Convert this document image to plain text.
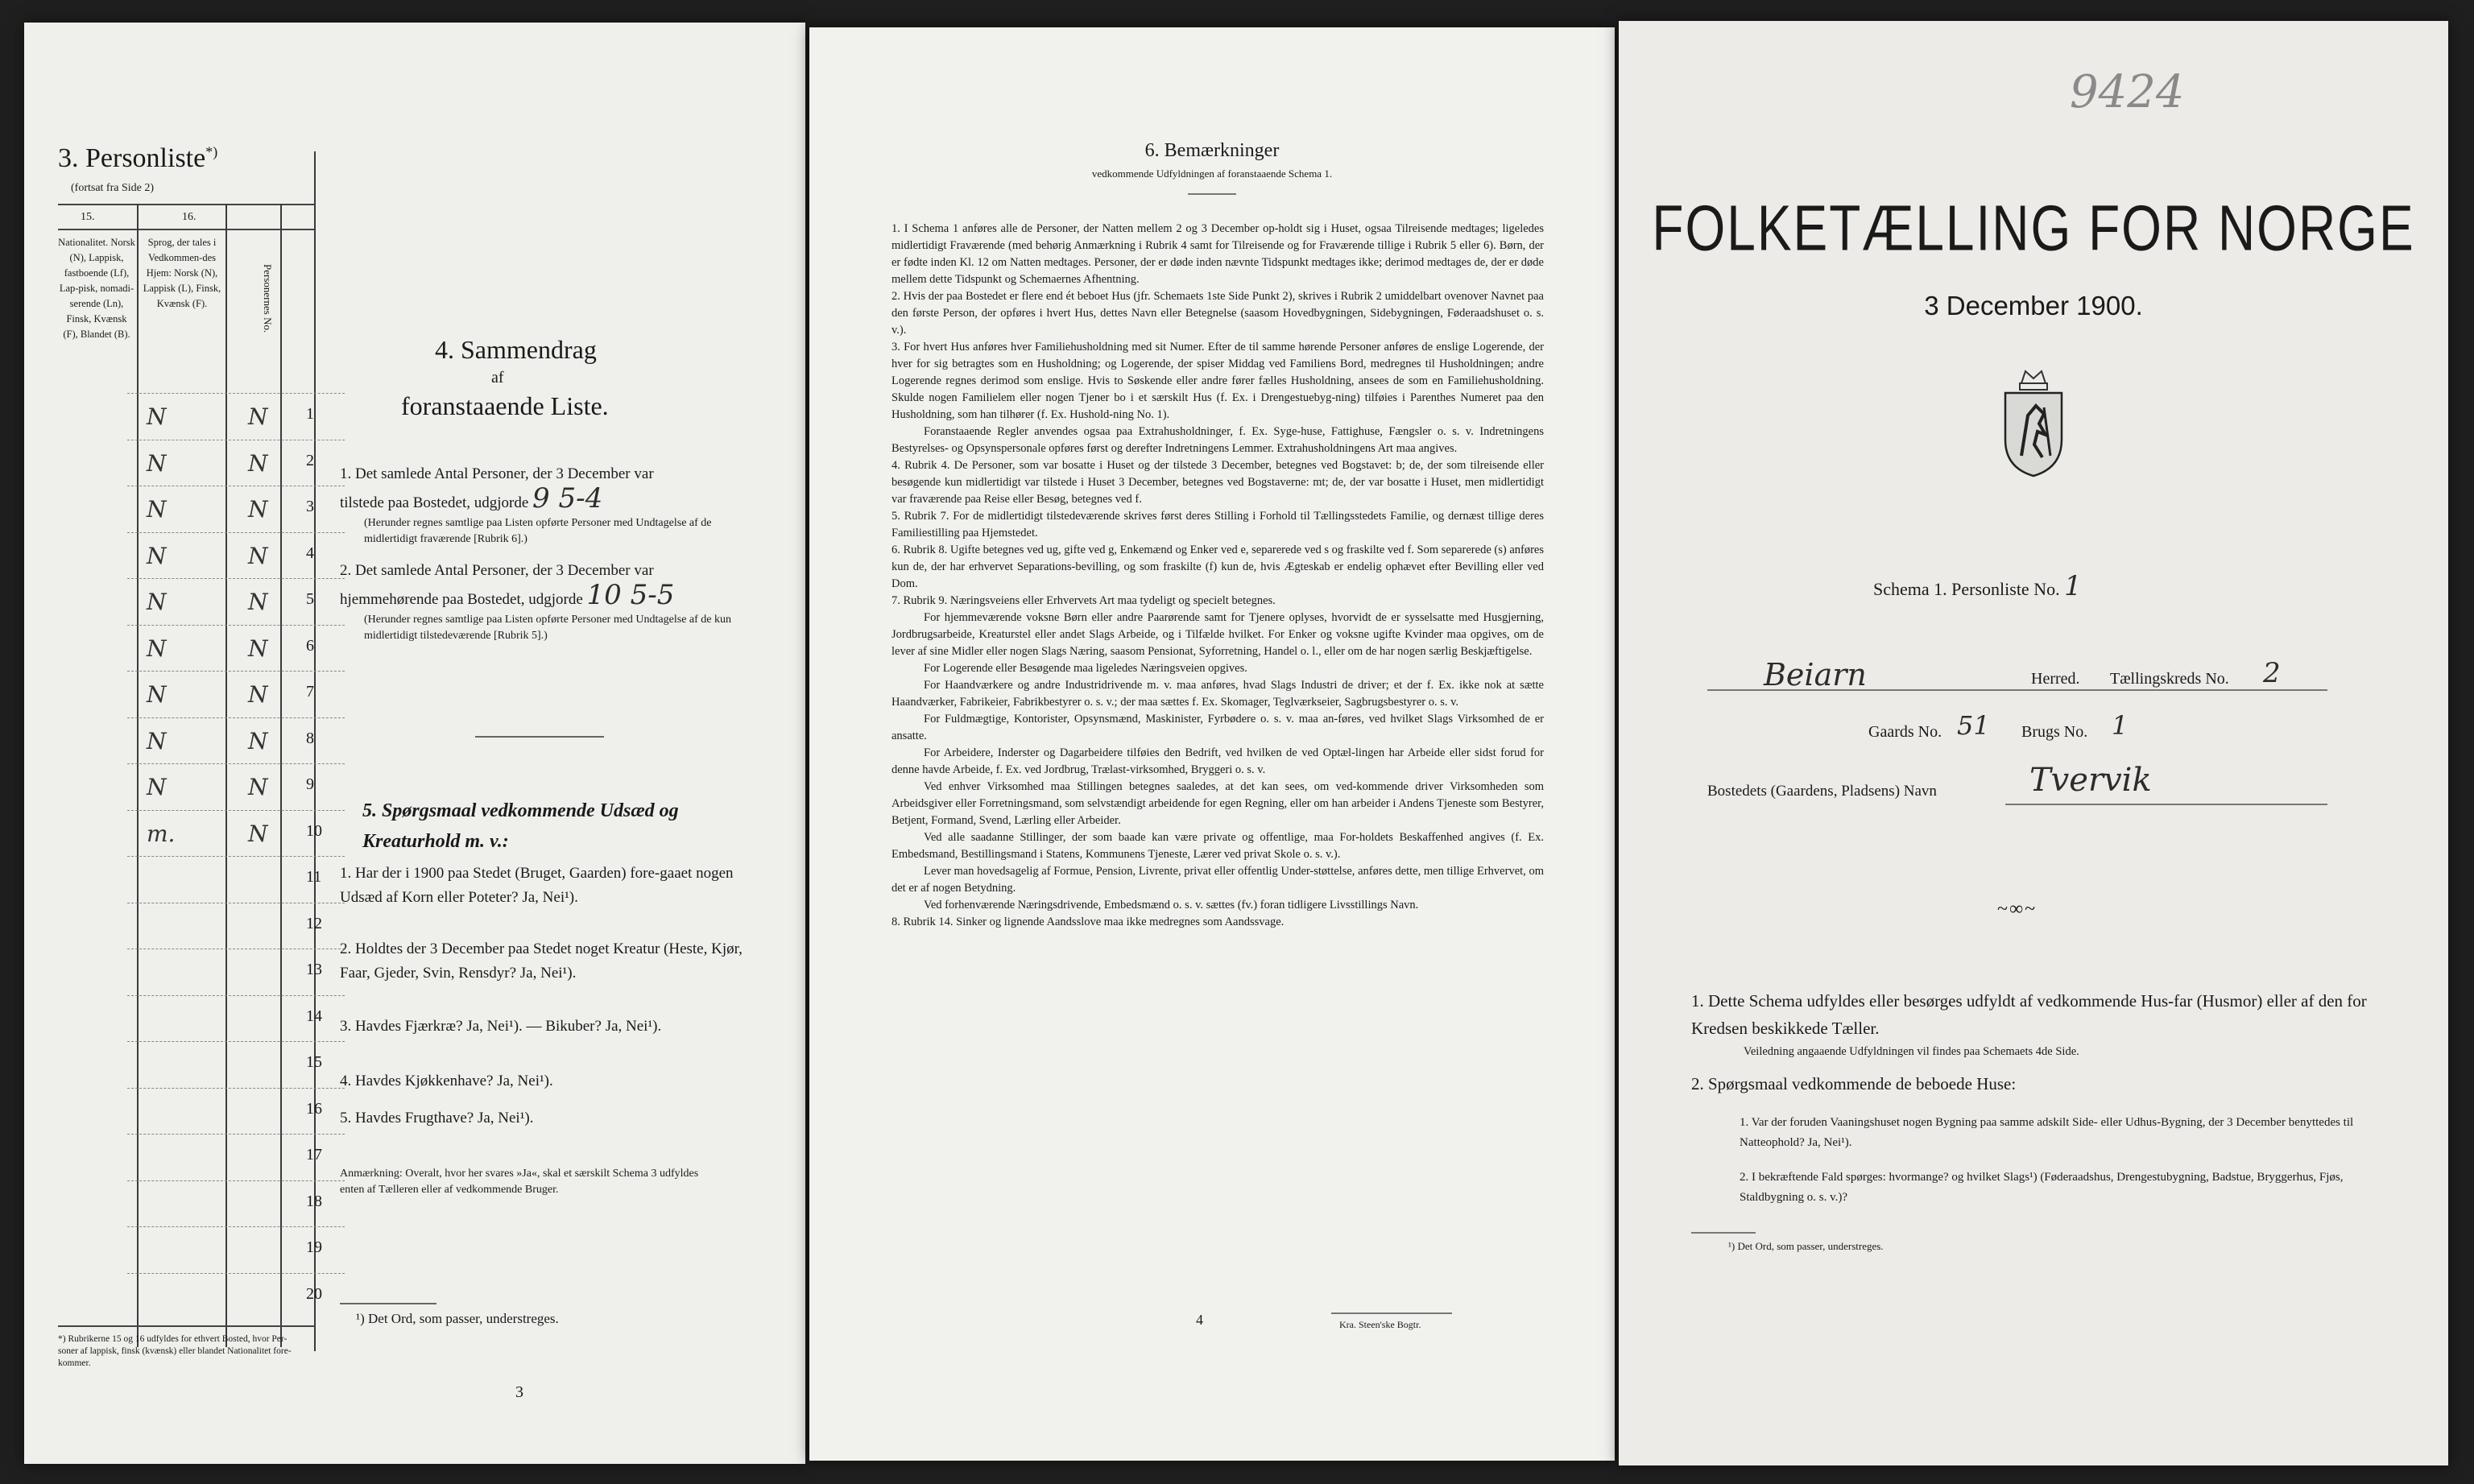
3. Personliste*)
(fortsat fra Side 2)
15.	16.
Nationalitet. Norsk (N), Lappisk, fastboende (Lf), Lap-pisk, nomadi-serende (Ln), Finsk, Kvænsk (F), Blandet (B).
Sprog, der tales i Vedkommen-des Hjem: Norsk (N), Lappisk (L), Finsk, Kvænsk (F).	Personernes No.
N	N 1
N	N 2
N	N 3
N	N 4
N	N 5
N	N 6
N	N 7
N	N 8
N	N 9
m.	N 10
11
12
13
14
15
16
17
18
19
20
*) Rubrikerne 15 og 16 udfyldes for ethvert Bosted, hvor Per-soner af lappisk, finsk (kvænsk) eller blandet Nationalitet fore-kommer.
4. Sammendrag
af
foranstaaende Liste.
1. Det samlede Antal Personer, der 3 December var
tilstede paa Bostedet, udgjorde 9 5-4
(Herunder regnes samtlige paa Listen opførte Personer med Undtagelse af de midlertidigt fraværende [Rubrik 6].)
2. Det samlede Antal Personer, der 3 December var
hjemmehørende paa Bostedet, udgjorde 10 5-5
(Herunder regnes samtlige paa Listen opførte Personer med Undtagelse af de kun midlertidigt tilstedeværende [Rubrik 5].)
5. Spørgsmaal vedkommende Udsæd og Kreaturhold m. v.:
1. Har der i 1900 paa Stedet (Bruget, Gaarden) fore-gaaet nogen Udsæd af Korn eller Poteter? Ja, Nei¹).
2. Holdtes der 3 December paa Stedet noget Kreatur (Heste, Kjør, Faar, Gjeder, Svin, Rensdyr? Ja, Nei¹).
3. Havdes Fjærkræ? Ja, Nei¹). — Bikuber? Ja, Nei¹).
4. Havdes Kjøkkenhave? Ja, Nei¹).
5. Havdes Frugthave? Ja, Nei¹).
Anmærkning: Overalt, hvor her svares »Ja«, skal et særskilt Schema 3 udfyldes enten af Tælleren eller af vedkommende Bruger.
¹) Det Ord, som passer, understreges.
3
6. Bemærkninger
vedkommende Udfyldningen af foranstaaende Schema 1.

1. I Schema 1 anføres alle de Personer, der Natten mellem 2 og 3 December op-holdt sig i Huset, ogsaa Tilreisende medtages; ligeledes midlertidigt Fraværende (med behørig Anmærkning i Rubrik 4 samt for Tilreisende og for Fraværende tillige i Rubrik 5 eller 6). Børn, der er fødte inden Kl. 12 om Natten medtages. Personer, der er døde inden nævnte Tidspunkt medtages ikke; derimod medtages de, der er døde mellem dette Tidspunkt og Schemaernes Afhentning.

2. Hvis der paa Bostedet er flere end ét beboet Hus (jfr. Schemaets 1ste Side Punkt 2), skrives i Rubrik 2 umiddelbart ovenover Navnet paa den første Person, der opføres i hvert Hus, dettes Navn eller Betegnelse (saasom Hovedbygningen, Sidebygningen, Føderaadshuset o. s. v.).

3. For hvert Hus anføres hver Familiehusholdning med sit Numer. Efter de til samme hørende Personer anføres de enslige Logerende, der hver for sig betragtes som en Husholdning; og Logerende, der spiser Middag ved Familiens Bord, medregnes til Husholdningen; andre Logerende regnes derimod som enslige. Hvis to Søskende eller andre fører fælles Husholdning, ansees de som en Familiehusholdning. Skulde nogen Familielem eller nogen Tjener bo i et særskilt Hus (f. Ex. i Drengestuebyg-ning) tilføies i Parenthes Numeret paa den Husholdning, som han tilhører (f. Ex. Hushold-ning No. 1).

Foranstaaende Regler anvendes ogsaa paa Extrahusholdninger, f. Ex. Syge-huse, Fattighuse, Fængsler o. s. v. Indretningens Bestyrelses- og Opsynspersonale opføres først og derefter Indretningens Lemmer. Extrahusholdningens Art maa angives.

4. Rubrik 4. De Personer, som var bosatte i Huset og der tilstede 3 December, betegnes ved Bogstavet: b; de, der som tilreisende eller besøgende kun midlertidigt var tilstede i Huset 3 December, betegnes ved Bogstaverne: mt; de, der var bosatte i Huset, men midlertidigt var fraværende paa Reise eller Besøg, betegnes ved f.

5. Rubrik 7. For de midlertidigt tilstedeværende skrives først deres Stilling i Forhold til Tællingsstedets Familie, og dernæst tillige deres Familiestilling paa Hjemstedet.

6. Rubrik 8. Ugifte betegnes ved ug, gifte ved g, Enkemænd og Enker ved e, separerede ved s og fraskilte ved f. Som separerede (s) anføres kun de, der har erhvervet Separations-bevilling, og som fraskilte (f) kun de, hvis Ægteskab er endelig ophævet efter Bevilling eller ved Dom.

7. Rubrik 9. Næringsveiens eller Erhvervets Art maa tydeligt og specielt betegnes.

For hjemmeværende voksne Børn eller andre Paarørende samt for Tjenere oplyses, hvorvidt de er sysselsatte med Husgjerning, Jordbrugsarbeide, Kreaturstel eller andet Slags Arbeide, og i Tilfælde hvilket. For Enker og voksne ugifte Kvinder maa opgives, om de lever af sine Midler eller nogen Slags Næring, saasom Pensionat, Syforretning, Handel o. l., eller om de har nogen særlig Beskjæftigelse.

For Logerende eller Besøgende maa ligeledes Næringsveien opgives.

For Haandværkere og andre Industridrivende m. v. maa anføres, hvad Slags Industri de driver; et der f. Ex. ikke nok at sætte Haandværker, Fabrikeier, Fabrikbestyrer o. s. v.; der maa sættes f. Ex. Skomager, Teglværkseier, Sagbrugsbestyrer o. s. v.

For Fuldmægtige, Kontorister, Opsynsmænd, Maskinister, Fyrbødere o. s. v. maa an-føres, ved hvilket Slags Virksomhed de er ansatte.

For Arbeidere, Inderster og Dagarbeidere tilføies den Bedrift, ved hvilken de ved Optæl-lingen har Arbeide eller sidst forud for denne havde Arbeide, f. Ex. ved Jordbrug, Trælast-virksomhed, Bryggeri o. s. v.

Ved enhver Virksomhed maa Stillingen betegnes saaledes, at det kan sees, om ved-kommende driver Virksomheden som Arbeidsgiver eller Forretningsmand, som selvstændigt arbeidende for egen Regning, eller om han arbeider i Andens Tjeneste som Bestyrer, Betjent, Formand, Svend, Lærling eller Arbeider.

Ved alle saadanne Stillinger, der som baade kan være private og offentlige, maa For-holdets Beskaffenhed angives (f. Ex. Embedsmand, Bestillingsmand i Statens, Kommunens Tjeneste, Lærer ved privat Skole o. s. v.).

Lever man hovedsagelig af Formue, Pension, Livrente, privat eller offentlig Under-støttelse, anføres dette, men tillige Erhvervet, om det er af nogen Betydning.

Ved forhenværende Næringsdrivende, Embedsmænd o. s. v. sættes (fv.) foran tidligere Livsstillings Navn.

8. Rubrik 14. Sinker og lignende Aandsslove maa ikke medregnes som Aandssvage.

4	Kra. Steen'ske Bogtr.
9424
FOLKETÆLLING FOR NORGE
3 December 1900.
Schema 1. Personliste No. 1
Beiarn	Herred. Tællingskreds No. 2
Gaards No. 51 Brugs No. 1
Bostedets (Gaardens, Pladsens) Navn	Tvervik
~∞~
1. Dette Schema udfyldes eller besørges udfyldt af vedkommende Hus-far (Husmor) eller af den for Kredsen beskikkede Tæller.
Veiledning angaaende Udfyldningen vil findes paa Schemaets 4de Side.
2. Spørgsmaal vedkommende de beboede Huse:
1. Var der foruden Vaaningshuset nogen Bygning paa samme adskilt Side- eller Udhus-Bygning, der 3 December benyttedes til Natteophold? Ja, Nei¹).
2. I bekræftende Fald spørges: hvormange? og hvilket Slags¹) (Føderaadshus, Drengestubygning, Badstue, Bryggerhus, Fjøs, Staldbygning o. s. v.)?
¹) Det Ord, som passer, understreges.
